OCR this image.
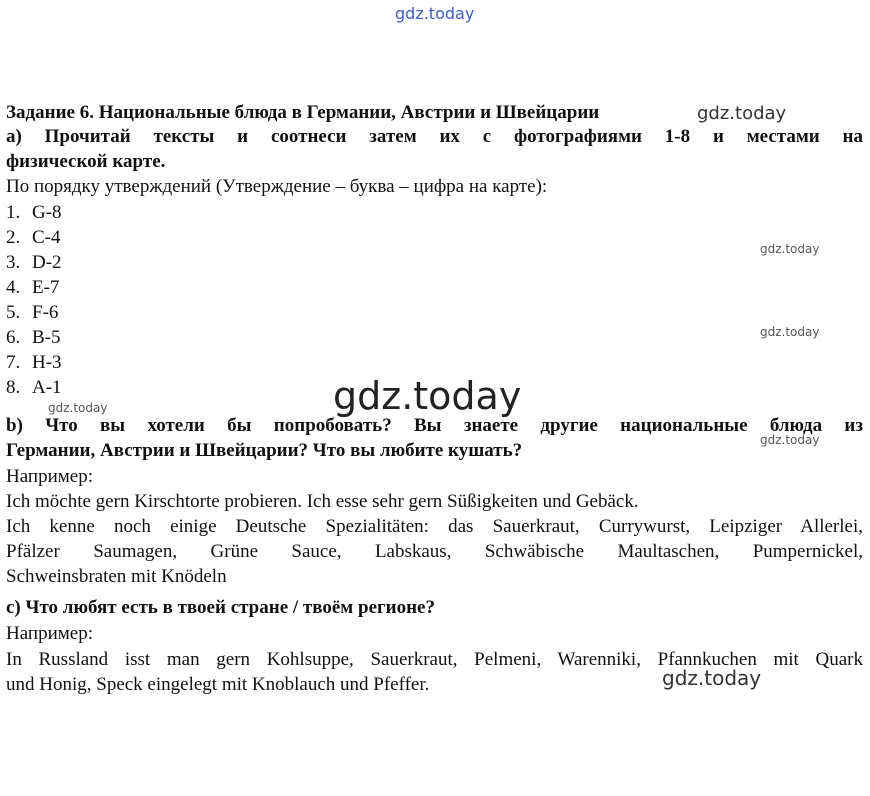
gdz.today
Задание 6. Национальные блюда в Германии, Австрии и Швейцарии	gdz.today
а) Прочитай тексты и соотнеси затем их с фотографиями 1-8 и местами на
физической карте.
По порядку утверждений (Утверждение – буква – цифра на карте):
1. G-8
2. C-4
3. D-2
4. E-7
5. F-6
6. B-5
7. H-3
8. A-1
gdz.today
gdz.today
gdz.today
gdz.today
b) Что вы хотели бы попробовать? Вы знаете другие национальные блюда из
gdz.today
Германии, Австрии и Швейцарии? Что вы любите кушать?
Например:
Ich möchte gern Kirschtorte probieren. Ich esse sehr gern Süßigkeiten und Gebäck.
Ich kenne noch einige Deutsche Spezialitäten: das Sauerkraut, Currywurst, Leipziger Allerlei,
Pfälzer Saumagen, Grüne Sauce, Labskaus, Schwäbische Maultaschen, Pumpernickel,
Schweinsbraten mit Knödeln
c) Что любят есть в твоей стране / твоём регионе?
Например:
In Russland isst man gern Kohlsuppe, Sauerkraut, Pelmeni, Warenniki, Pfannkuchen mit Quark
und Honig, Speck eingelegt mit Knoblauch und Pfeffer.	gdz.today
